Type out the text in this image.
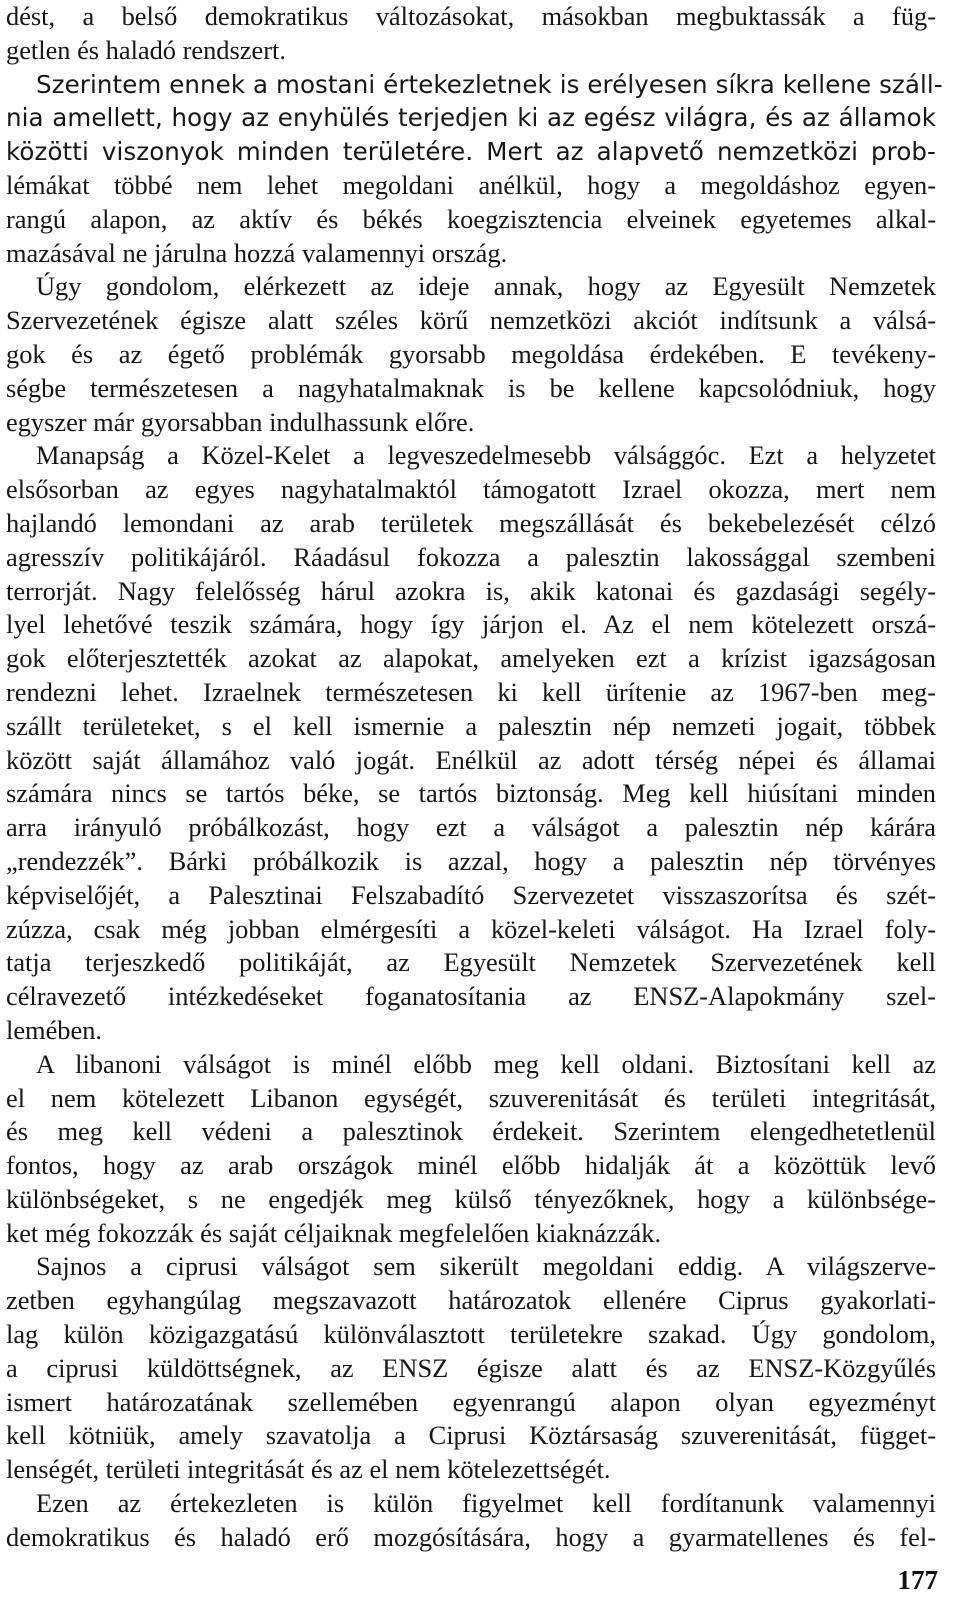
dést, a belső demokratikus változásokat, másokban megbuktassák a füg-
getlen és haladó rendszert.
Szerintem ennek a mostani értekezletnek is erélyesen síkra kellene száll-
nia amellett, hogy az enyhülés terjedjen ki az egész világra, és az államok
közötti viszonyok minden területére. Mert az alapvető nemzetközi prob-
lémákat többé nem lehet megoldani anélkül, hogy a megoldáshoz egyen-
rangú alapon, az aktív és békés koegzisztencia elveinek egyetemes alkal-
mazásával ne járulna hozzá valamennyi ország.
Úgy gondolom, elérkezett az ideje annak, hogy az Egyesült Nemzetek
Szervezetének égisze alatt széles körű nemzetközi akciót indítsunk a válsá-
gok és az égető problémák gyorsabb megoldása érdekében. E tevékeny-
ségbe természetesen a nagyhatalmaknak is be kellene kapcsolódniuk, hogy
egyszer már gyorsabban indulhassunk előre.
Manapság a Közel-Kelet a legveszedelmesebb válsággóc. Ezt a helyzetet
elsősorban az egyes nagyhatalmaktól támogatott Izrael okozza, mert nem
hajlandó lemondani az arab területek megszállását és bekebelezését célzó
agresszív politikájáról. Ráadásul fokozza a palesztin lakossággal szembeni
terrorját. Nagy felelősség hárul azokra is, akik katonai és gazdasági segély-
lyel lehetővé teszik számára, hogy így járjon el. Az el nem kötelezett orszá-
gok előterjesztették azokat az alapokat, amelyeken ezt a krízist igazságosan
rendezni lehet. Izraelnek természetesen ki kell ürítenie az 1967-ben meg-
szállt területeket, s el kell ismernie a palesztin nép nemzeti jogait, többek
között saját államához való jogát. Enélkül az adott térség népei és államai
számára nincs se tartós béke, se tartós biztonság. Meg kell hiúsítani minden
arra irányuló próbálkozást, hogy ezt a válságot a palesztin nép kárára
„rendezzék”. Bárki próbálkozik is azzal, hogy a palesztin nép törvényes
képviselőjét, a Palesztinai Felszabadító Szervezetet visszaszorítsa és szét-
zúzza, csak még jobban elmérgesíti a közel-keleti válságot. Ha Izrael foly-
tatja terjeszkedő politikáját, az Egyesült Nemzetek Szervezetének kell
célravezető intézkedéseket foganatosítania az ENSZ-Alapokmány szel-
lemében.
A libanoni válságot is minél előbb meg kell oldani. Biztosítani kell az
el nem kötelezett Libanon egységét, szuverenitását és területi integritását,
és meg kell védeni a palesztinok érdekeit. Szerintem elengedhetetlenül
fontos, hogy az arab országok minél előbb hidalják át a közöttük levő
különbségeket, s ne engedjék meg külső tényezőknek, hogy a különbsége-
ket még fokozzák és saját céljaiknak megfelelően kiaknázzák.
Sajnos a ciprusi válságot sem sikerült megoldani eddig. A világszerve-
zetben egyhangúlag megszavazott határozatok ellenére Ciprus gyakorlati-
lag külön közigazgatású különválasztott területekre szakad. Úgy gondolom,
a ciprusi küldöttségnek, az ENSZ égisze alatt és az ENSZ-Közgyűlés
ismert határozatának szellemében egyenrangú alapon olyan egyezményt
kell kötniük, amely szavatolja a Ciprusi Köztársaság szuverenitását, függet-
lenségét, területi integritását és az el nem kötelezettségét.
Ezen az értekezleten is külön figyelmet kell fordítanunk valamennyi
demokratikus és haladó erő mozgósítására, hogy a gyarmatellenes és fel-
177
